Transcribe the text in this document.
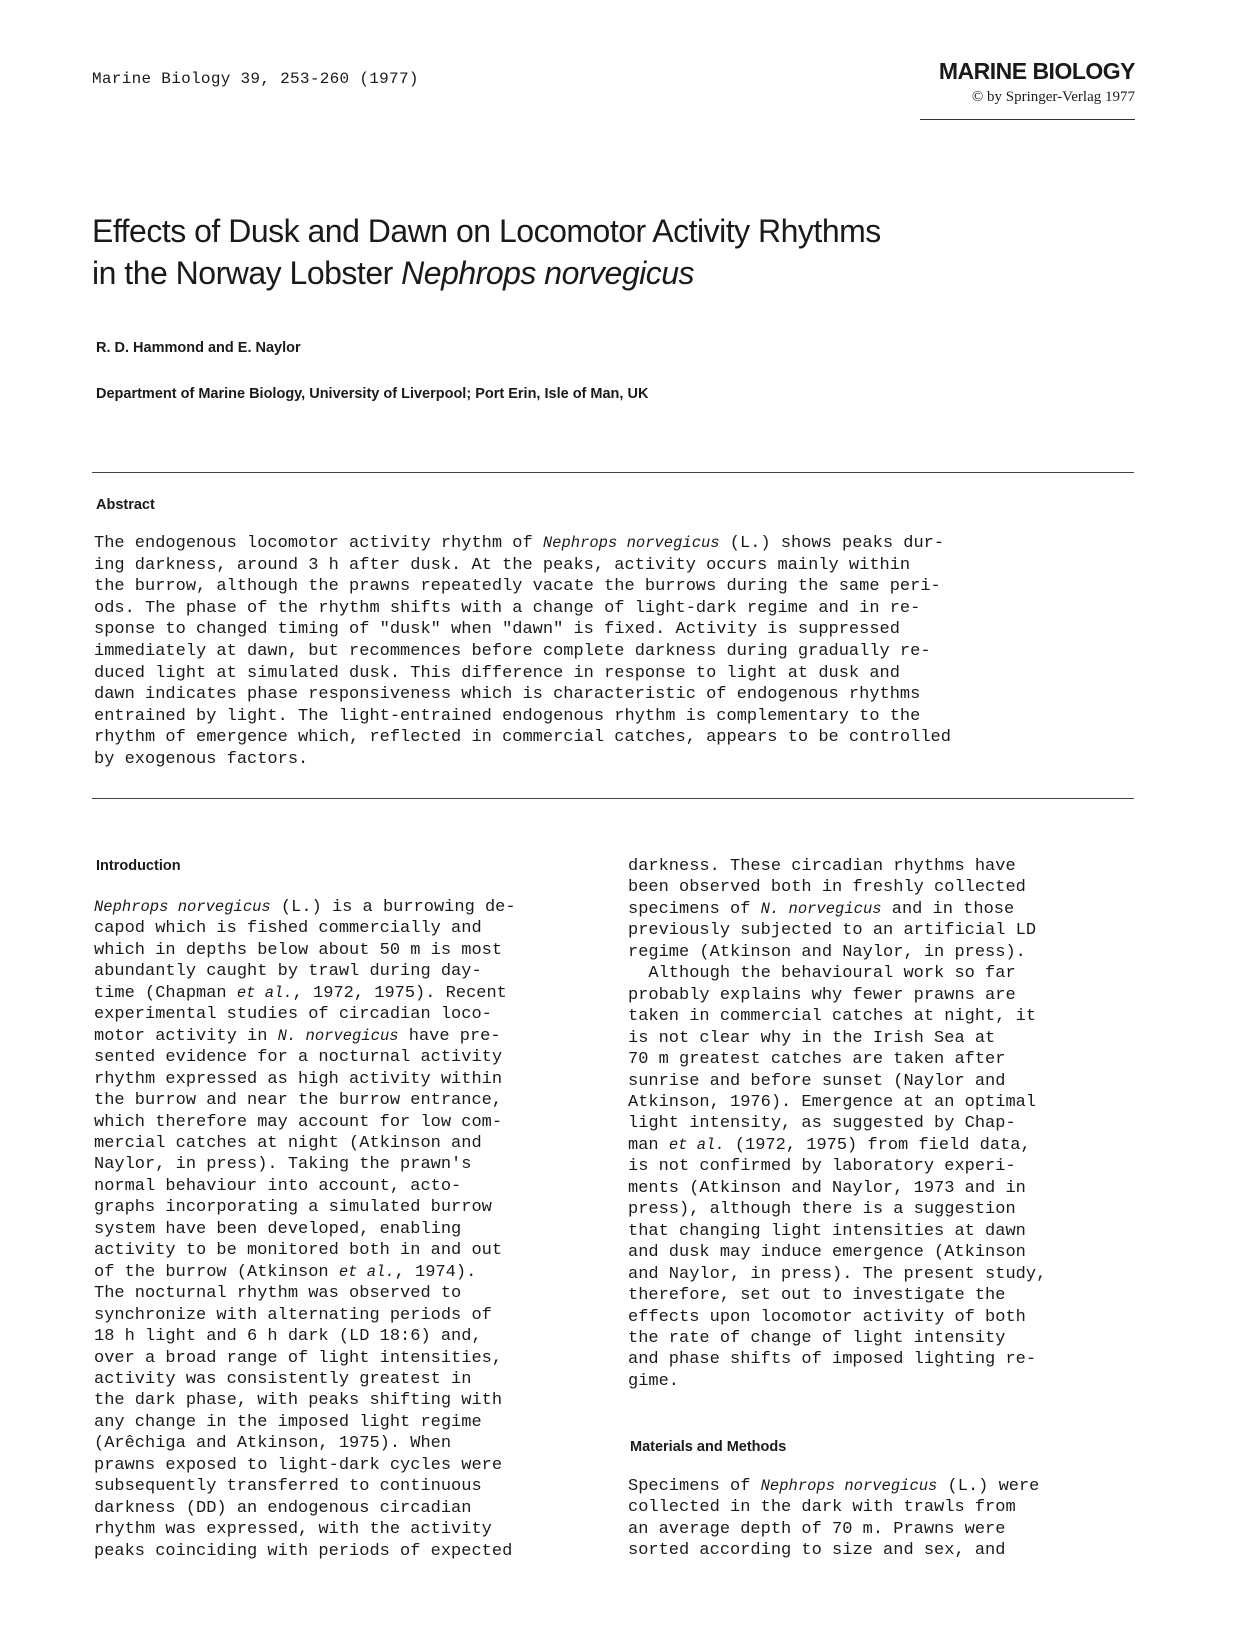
Marine Biology 39, 253-260 (1977)	MARINE BIOLOGY
© by Springer-Verlag 1977
Effects of Dusk and Dawn on Locomotor Activity Rhythms
in the Norway Lobster Nephrops norvegicus
R. D. Hammond and E. Naylor
Department of Marine Biology, University of Liverpool; Port Erin, Isle of Man, UK
Abstract

The endogenous locomotor activity rhythm of Nephrops norvegicus (L.) shows peaks dur-
ing darkness, around 3 h after dusk. At the peaks, activity occurs mainly within
the burrow, although the prawns repeatedly vacate the burrows during the same peri-
ods. The phase of the rhythm shifts with a change of light-dark regime and in re-
sponse to changed timing of "dusk" when "dawn" is fixed. Activity is suppressed
immediately at dawn, but recommences before complete darkness during gradually re-
duced light at simulated dusk. This difference in response to light at dusk and
dawn indicates phase responsiveness which is characteristic of endogenous rhythms
entrained by light. The light-entrained endogenous rhythm is complementary to the
rhythm of emergence which, reflected in commercial catches, appears to be controlled
by exogenous factors.

Introduction

Nephrops norvegicus (L.) is a burrowing de-
capod which is fished commercially and
which in depths below about 50 m is most
abundantly caught by trawl during day-
time (Chapman et al., 1972, 1975). Recent
experimental studies of circadian loco-
motor activity in N. norvegicus have pre-
sented evidence for a nocturnal activity
rhythm expressed as high activity within
the burrow and near the burrow entrance,
which therefore may account for low com-
mercial catches at night (Atkinson and
Naylor, in press). Taking the prawn's
normal behaviour into account, acto-
graphs incorporating a simulated burrow
system have been developed, enabling
activity to be monitored both in and out
of the burrow (Atkinson et al., 1974).
The nocturnal rhythm was observed to
synchronize with alternating periods of
18 h light and 6 h dark (LD 18:6) and,
over a broad range of light intensities,
activity was consistently greatest in
the dark phase, with peaks shifting with
any change in the imposed light regime
(Arêchiga and Atkinson, 1975). When
prawns exposed to light-dark cycles were
subsequently transferred to continuous
darkness (DD) an endogenous circadian
rhythm was expressed, with the activity
peaks coinciding with periods of expected

darkness. These circadian rhythms have
been observed both in freshly collected
specimens of N. norvegicus and in those
previously subjected to an artificial LD
regime (Atkinson and Naylor, in press).
Although the behavioural work so far
probably explains why fewer prawns are
taken in commercial catches at night, it
is not clear why in the Irish Sea at
70 m greatest catches are taken after
sunrise and before sunset (Naylor and
Atkinson, 1976). Emergence at an optimal
light intensity, as suggested by Chap-
man et al. (1972, 1975) from field data,
is not confirmed by laboratory experi-
ments (Atkinson and Naylor, 1973 and in
press), although there is a suggestion
that changing light intensities at dawn
and dusk may induce emergence (Atkinson
and Naylor, in press). The present study,
therefore, set out to investigate the
effects upon locomotor activity of both
the rate of change of light intensity
and phase shifts of imposed lighting re-
gime.

Materials and Methods

Specimens of Nephrops norvegicus (L.) were
collected in the dark with trawls from
an average depth of 70 m. Prawns were
sorted according to size and sex, and
